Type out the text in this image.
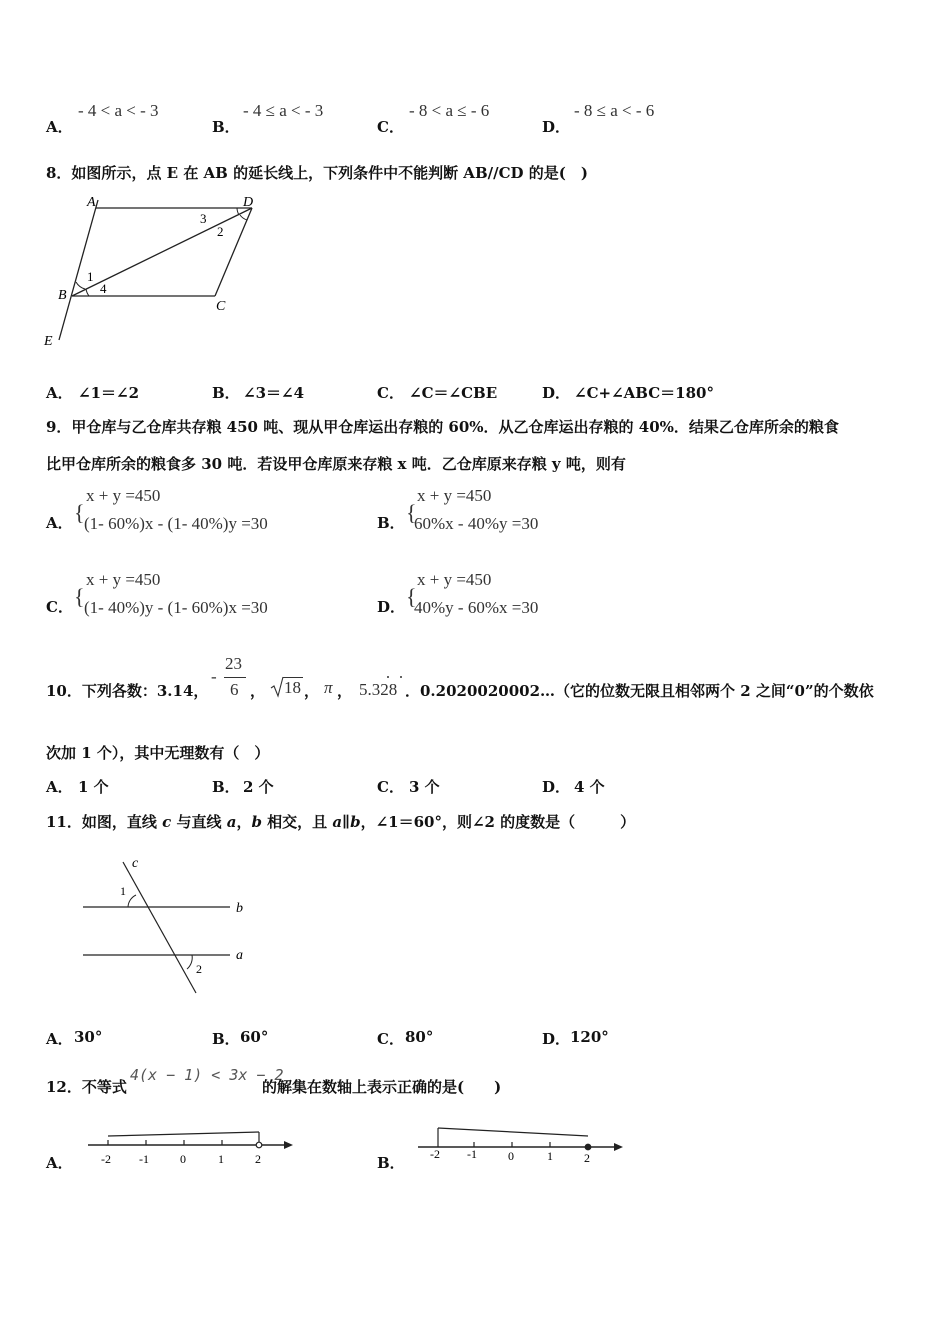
A．
- 4 < a < - 3
B．
- 4 ≤ a < - 3
C．
- 8 < a ≤ - 6
D．
- 8 ≤ a < - 6
8．如图所示，点 E 在 AB 的延长线上，下列条件中不能判断 AB//CD 的是(　)
A	D
B
C
E
1
2
3
4
A． ∠1＝∠2	B． ∠3＝∠4	C． ∠C＝∠CBE	D． ∠C+∠ABC＝180°
9．甲仓库与乙仓库共存粮 450 吨、现从甲仓库运出存粮的 60%．从乙仓库运出存粮的 40%．结果乙仓库所余的粮食
比甲仓库所余的粮食多 30 吨．若设甲仓库原来存粮 x 吨．乙仓库原来存粮 y 吨，则有
A． {
x + y =450
(1- 60%)x - (1- 40%)y =30	B． {
x + y =450
60%x - 40%y =30
C． {
x + y =450
(1- 40%)y - (1- 60%)x =30	D． {
x + y =450
40%y - 60%x =30
10．下列各数：3.14，
-
23
6 ， 18 ， π ， 5.328 ．0.2020020002…（它的位数无限且相邻两个 2 之间“0”的个数依
次加 1 个），其中无理数有（　）
A． 1 个	B． 2 个	C． 3 个	D． 4 个
11．如图，直线 c 与直线 a，b 相交，且 a∥b，∠1＝60°，则∠2 的度数是（　　　）
c
b
a
1
2
A． 30°	B． 60°	C． 80°	D． 120°
12．不等式
4(x − 1) < 3x − 2
的解集在数轴上表示正确的是(　　)
A． -2 -1	0	1	2	B． -2 -1	0	1	2
